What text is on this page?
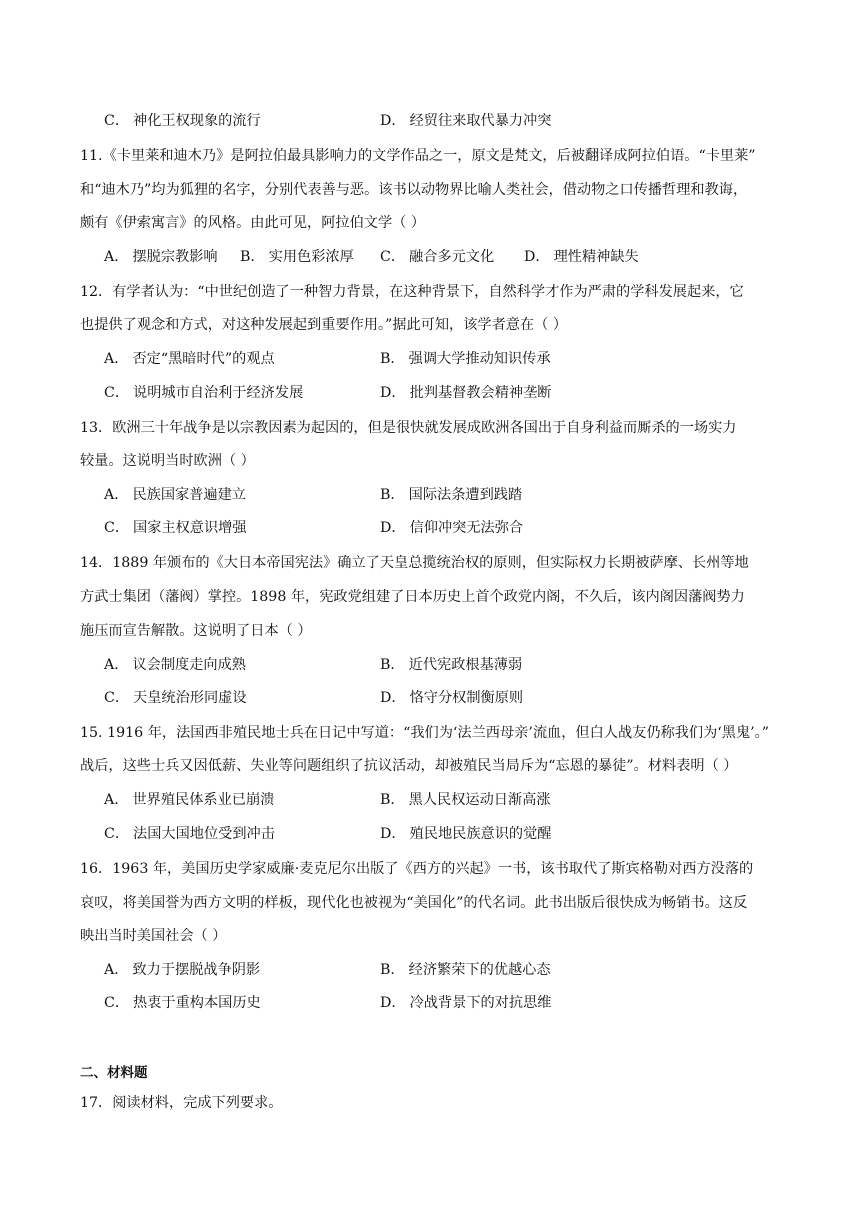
C． 神化王权现象的流行	D． 经贸往来取代暴力冲突
11.《卡里莱和迪木乃》是阿拉伯最具影响力的文学作品之一，原文是梵文，后被翻译成阿拉伯语。“卡里莱”
和“迪木乃”均为狐狸的名字，分别代表善与恶。该书以动物界比喻人类社会，借动物之口传播哲理和教诲，
颇有《伊索寓言》的风格。由此可见，阿拉伯文学（ ）
A． 摆脱宗教影响 B． 实用色彩浓厚 C． 融合多元文化 D． 理性精神缺失
12．有学者认为：“中世纪创造了一种智力背景，在这种背景下，自然科学才作为严肃的学科发展起来，它
也提供了观念和方式，对这种发展起到重要作用。”据此可知，该学者意在（ ）
A． 否定“黑暗时代”的观点	B． 强调大学推动知识传承
C． 说明城市自治利于经济发展	D． 批判基督教会精神垄断
13．欧洲三十年战争是以宗教因素为起因的，但是很快就发展成欧洲各国出于自身利益而厮杀的一场实力
较量。这说明当时欧洲（ ）
A． 民族国家普遍建立	B． 国际法条遭到践踏
C． 国家主权意识增强	D． 信仰冲突无法弥合
14．1889 年颁布的《大日本帝国宪法》确立了天皇总揽统治权的原则，但实际权力长期被萨摩、长州等地
方武士集团（藩阀）掌控。1898 年，宪政党组建了日本历史上首个政党内阁，不久后，该内阁因藩阀势力
施压而宣告解散。这说明了日本（ ）
A． 议会制度走向成熟	B． 近代宪政根基薄弱
C． 天皇统治形同虚设	D． 恪守分权制衡原则
15. 1916 年，法国西非殖民地士兵在日记中写道：“我们为‘法兰西母亲’流血，但白人战友仍称我们为‘黑鬼’。”
战后，这些士兵又因低薪、失业等问题组织了抗议活动，却被殖民当局斥为“忘恩的暴徒”。材料表明（ ）
A． 世界殖民体系业已崩溃	B． 黑人民权运动日渐高涨
C． 法国大国地位受到冲击	D． 殖民地民族意识的觉醒
16．1963 年，美国历史学家威廉·麦克尼尔出版了《西方的兴起》一书，该书取代了斯宾格勒对西方没落的
哀叹，将美国誉为西方文明的样板，现代化也被视为“美国化”的代名词。此书出版后很快成为畅销书。这反
映出当时美国社会（ ）
A． 致力于摆脱战争阴影	B． 经济繁荣下的优越心态
C． 热衷于重构本国历史	D． 冷战背景下的对抗思维
二、材料题
17．阅读材料，完成下列要求。
